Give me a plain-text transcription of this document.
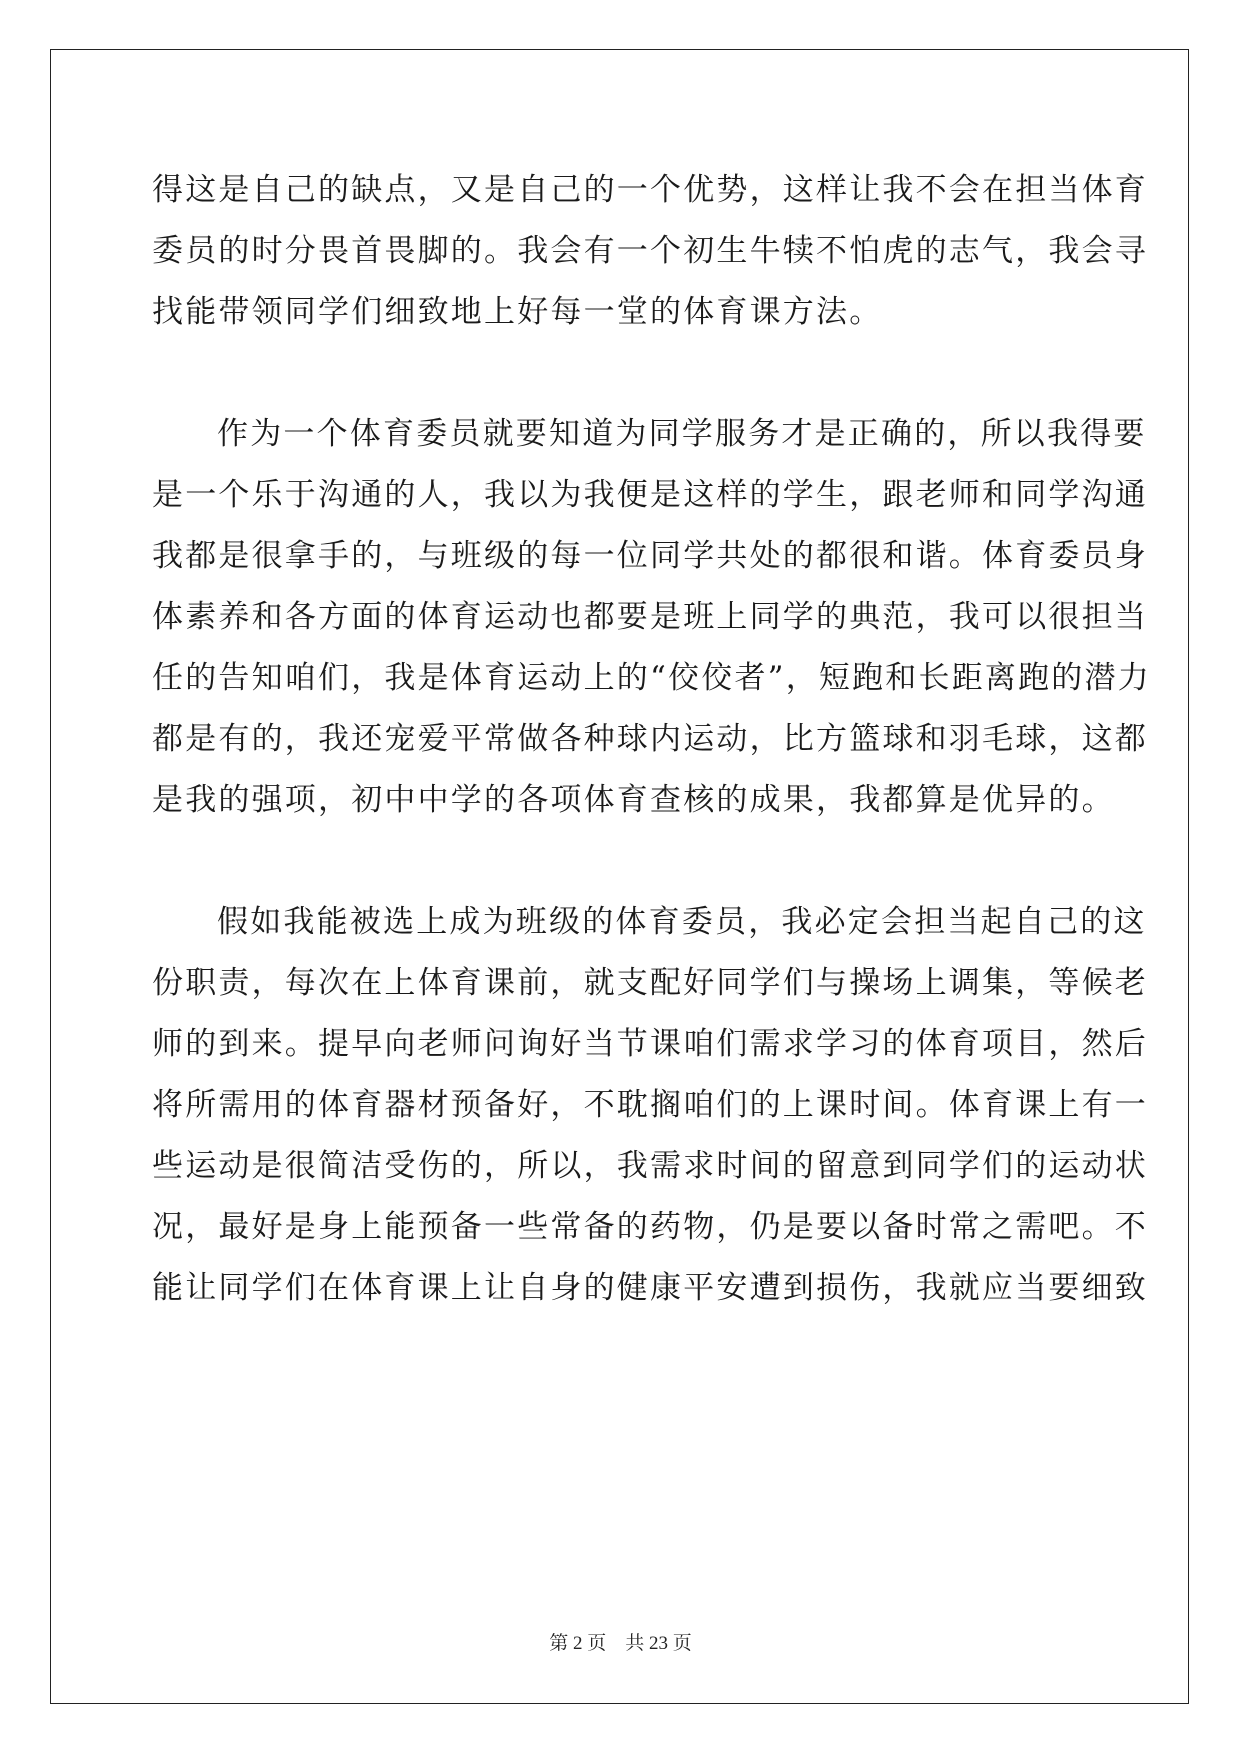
得这是自己的缺点，又是自己的一个优势，这样让我不会在担当体育
委员的时分畏首畏脚的。我会有一个初生牛犊不怕虎的志气，我会寻
找能带领同学们细致地上好每一堂的体育课方法。
作为一个体育委员就要知道为同学服务才是正确的，所以我得要
是一个乐于沟通的人，我以为我便是这样的学生，跟老师和同学沟通
我都是很拿手的，与班级的每一位同学共处的都很和谐。体育委员身
体素养和各方面的体育运动也都要是班上同学的典范，我可以很担当
任的告知咱们，我是体育运动上的“佼佼者”，短跑和长距离跑的潜力
都是有的，我还宠爱平常做各种球内运动，比方篮球和羽毛球，这都
是我的强项，初中中学的各项体育查核的成果，我都算是优异的。
假如我能被选上成为班级的体育委员，我必定会担当起自己的这
份职责，每次在上体育课前，就支配好同学们与操场上调集，等候老
师的到来。提早向老师问询好当节课咱们需求学习的体育项目，然后
将所需用的体育器材预备好，不耽搁咱们的上课时间。体育课上有一
些运动是很简洁受伤的，所以，我需求时间的留意到同学们的运动状
况，最好是身上能预备一些常备的药物，仍是要以备时常之需吧。不
能让同学们在体育课上让自身的健康平安遭到损伤，我就应当要细致
第 2 页　共 23 页
